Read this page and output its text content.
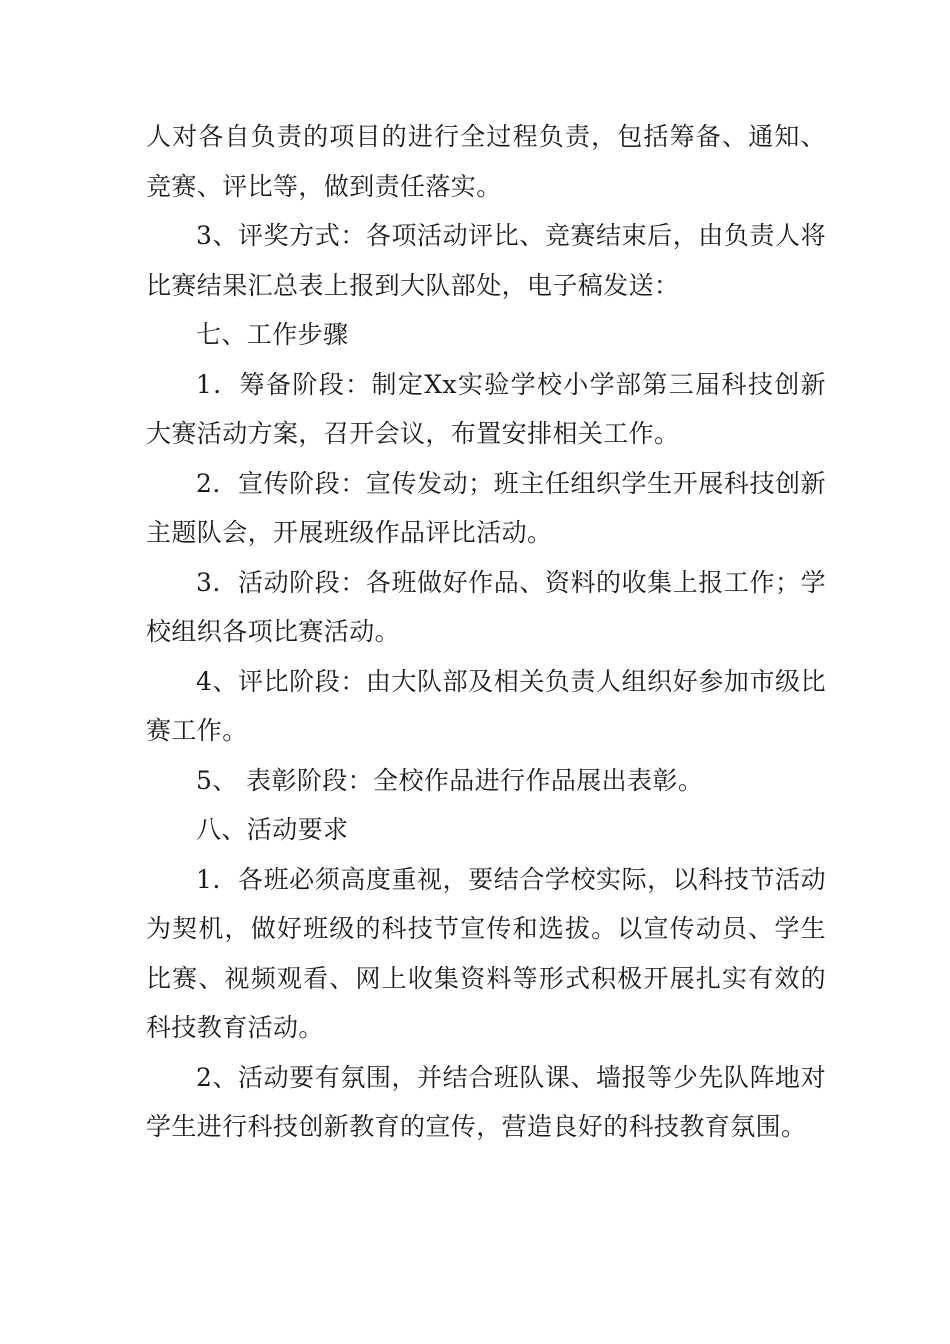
人对各自负责的项目的进行全过程负责，包括筹备、通知、竞赛、评比等，做到责任落实。

3、评奖方式：各项活动评比、竞赛结束后，由负责人将比赛结果汇总表上报到大队部处，电子稿发送：

七、工作步骤

1．筹备阶段：制定Xx实验学校小学部第三届科技创新大赛活动方案，召开会议，布置安排相关工作。

2．宣传阶段：宣传发动；班主任组织学生开展科技创新主题队会，开展班级作品评比活动。

3．活动阶段：各班做好作品、资料的收集上报工作；学校组织各项比赛活动。

4、评比阶段：由大队部及相关负责人组织好参加市级比赛工作。

5、 表彰阶段：全校作品进行作品展出表彰。

八、活动要求

1．各班必须高度重视，要结合学校实际，以科技节活动为契机，做好班级的科技节宣传和选拔。以宣传动员、学生比赛、视频观看、网上收集资料等形式积极开展扎实有效的科技教育活动。

2、活动要有氛围，并结合班队课、墙报等少先队阵地对学生进行科技创新教育的宣传，营造良好的科技教育氛围。
